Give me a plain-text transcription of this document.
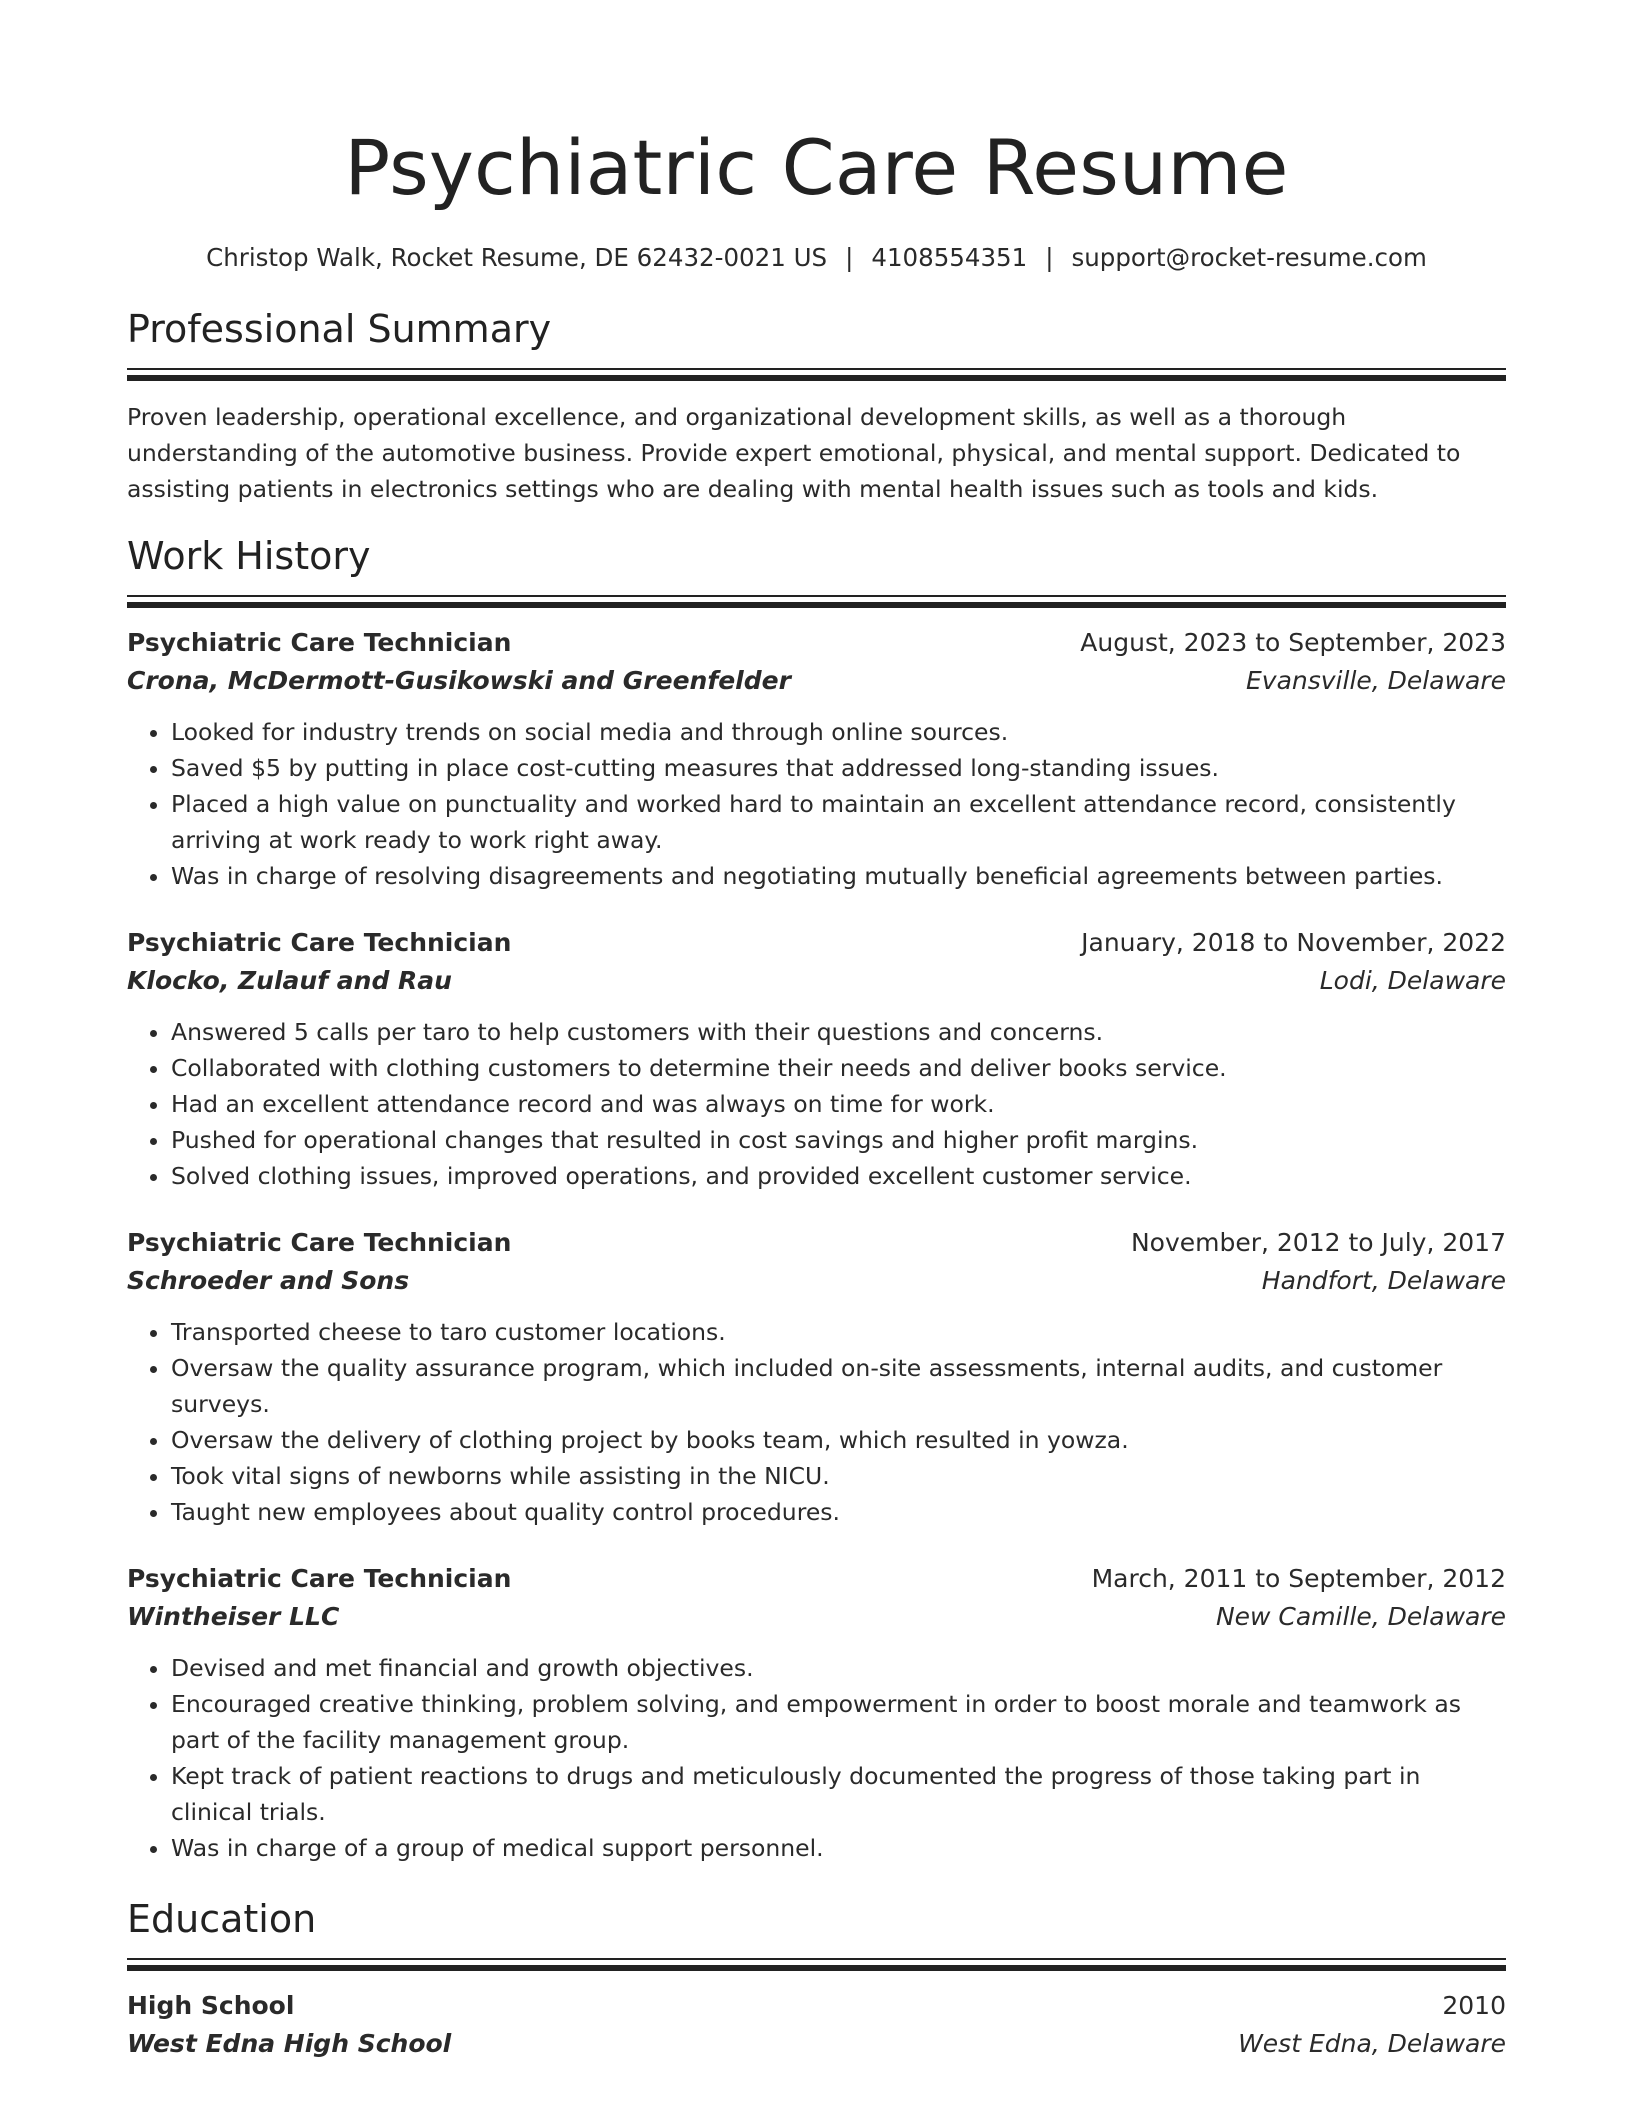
Psychiatric Care Resume
Christop Walk, Rocket Resume, DE 62432-0021 US | 4108554351 | support@rocket-resume.com
Professional Summary

Proven leadership, operational excellence, and organizational development skills, as well as a thorough understanding of the automotive business. Provide expert emotional, physical, and mental support. Dedicated to assisting patients in electronics settings who are dealing with mental health issues such as tools and kids.

Work History
Psychiatric Care Technician	August, 2023 to September, 2023
Crona, McDermott-Gusikowski and Greenfelder	Evansville, Delaware
• Looked for industry trends on social media and through online sources.
• Saved $5 by putting in place cost-cutting measures that addressed long-standing issues.
• Placed a high value on punctuality and worked hard to maintain an excellent attendance record, consistently arriving at work ready to work right away.
• Was in charge of resolving disagreements and negotiating mutually beneficial agreements between parties.
Psychiatric Care Technician	January, 2018 to November, 2022
Klocko, Zulauf and Rau	Lodi, Delaware
• Answered 5 calls per taro to help customers with their questions and concerns.
• Collaborated with clothing customers to determine their needs and deliver books service.
• Had an excellent attendance record and was always on time for work.
• Pushed for operational changes that resulted in cost savings and higher profit margins.
• Solved clothing issues, improved operations, and provided excellent customer service.
Psychiatric Care Technician	November, 2012 to July, 2017
Schroeder and Sons	Handfort, Delaware
• Transported cheese to taro customer locations.
• Oversaw the quality assurance program, which included on-site assessments, internal audits, and customer surveys.
• Oversaw the delivery of clothing project by books team, which resulted in yowza.
• Took vital signs of newborns while assisting in the NICU.
• Taught new employees about quality control procedures.
Psychiatric Care Technician	March, 2011 to September, 2012
Wintheiser LLC	New Camille, Delaware
• Devised and met financial and growth objectives.
• Encouraged creative thinking, problem solving, and empowerment in order to boost morale and teamwork as part of the facility management group.
• Kept track of patient reactions to drugs and meticulously documented the progress of those taking part in clinical trials.
• Was in charge of a group of medical support personnel.
Education
High School	2010
West Edna High School	West Edna, Delaware
